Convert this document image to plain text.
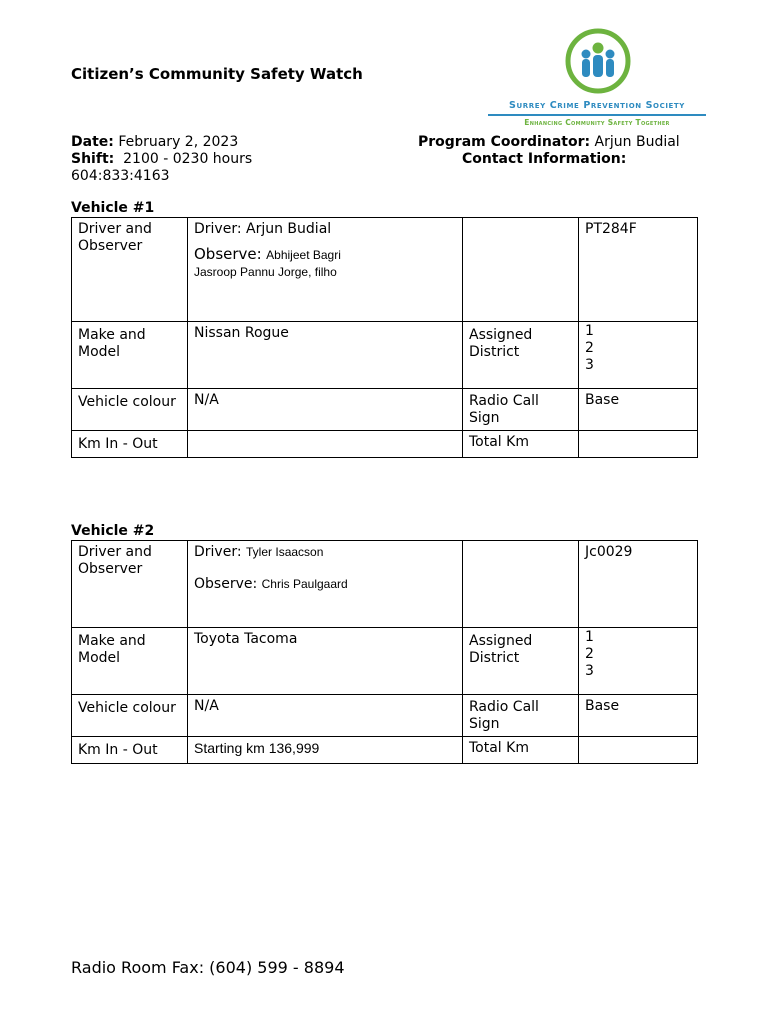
Citizen’s Community Safety Watch
Surrey Crime Prevention Society
Enhancing Community Safety Together
Date: February 2, 2023
Shift: 2100 - 0230 hours
604:833:4163
Program Coordinator: Arjun Budial
Contact Information:
Vehicle #1
Driver and Observer	Driver: Arjun Budial
Observe: Abhijeet Bagri
Jasroop Pannu Jorge, filho		PT284F
Make and Model	Nissan Rogue	Assigned District	1
2
3

Vehicle colour	N/A	Radio Call Sign	Base
Km In - Out		Total Km	
Vehicle #2
Driver and Observer	Driver: Tyler Isaacson
Observe: Chris Paulgaard		Jc0029
Make and Model	Toyota Tacoma	Assigned District	1
2
3

Vehicle colour	N/A	Radio Call Sign	Base
Km In - Out	Starting km 136,999	Total Km	
Radio Room Fax: (604) 599 - 8894
